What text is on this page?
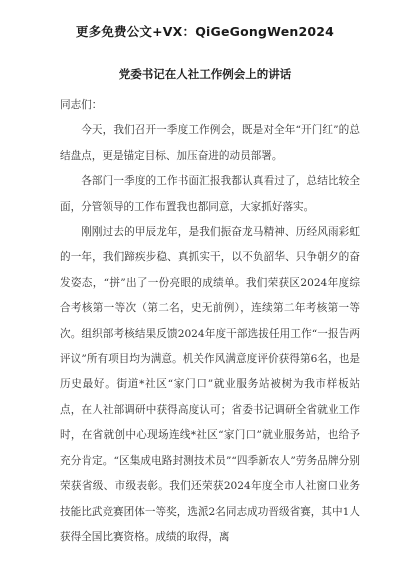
更多免费公文+VX：QiGeGongWen2024
党委书记在人社工作例会上的讲话

同志们：

今天，我们召开一季度工作例会，既是对全年“开门红”的总结盘点，更是锚定目标、加压奋进的动员部署。

各部门一季度的工作书面汇报我都认真看过了，总结比较全面，分管领导的工作布置我也都同意，大家抓好落实。

刚刚过去的甲辰龙年，是我们振奋龙马精神、历经风雨彩虹的一年，我们蹄疾步稳、真抓实干，以不负韶华、只争朝夕的奋发姿态，“拼”出了一份亮眼的成绩单。我们荣获区2024年度综合考核第一等次（第二名，史无前例），连续第二年考核第一等次。组织部考核结果反馈2024年度干部选拔任用工作“一报告两评议”所有项目均为满意。机关作风满意度评价获得第6名，也是历史最好。街道*社区“家门口”就业服务站被树为我市样板站点，在人社部调研中获得高度认可；省委书记调研全省就业工作时，在省就创中心现场连线*社区“家门口”就业服务站，也给予充分肯定。“区集成电路封测技术员”“四季新农人”劳务品牌分别荣获省级、市级表彰。我们还荣获2024年度全市人社窗口业务技能比武竞赛团体一等奖，选派2名同志成功晋级省赛，其中1人获得全国比赛资格。成绩的取得，离
